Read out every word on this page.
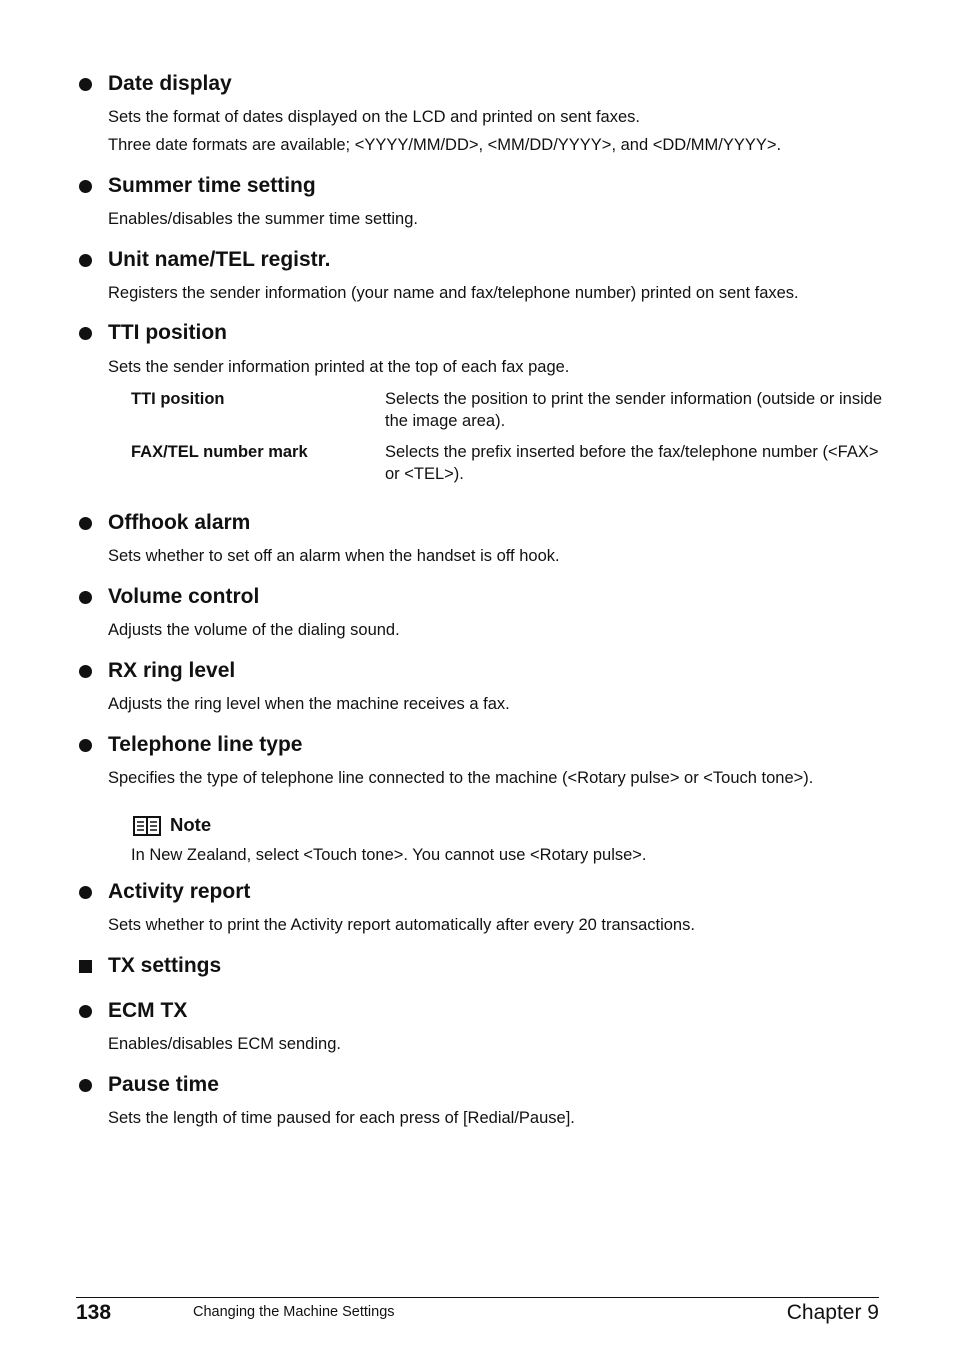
Date display
Sets the format of dates displayed on the LCD and printed on sent faxes.
Three date formats are available; <YYYY/MM/DD>, <MM/DD/YYYY>, and <DD/MM/YYYY>.
Summer time setting
Enables/disables the summer time setting.
Unit name/TEL registr.
Registers the sender information (your name and fax/telephone number) printed on sent faxes.
TTI position
Sets the sender information printed at the top of each fax page.
TTI position	Selects the position to print the sender information (outside or inside the image area).
FAX/TEL number mark	Selects the prefix inserted before the fax/telephone number (<FAX> or <TEL>).
Offhook alarm
Sets whether to set off an alarm when the handset is off hook.
Volume control
Adjusts the volume of the dialing sound.
RX ring level
Adjusts the ring level when the machine receives a fax.
Telephone line type
Specifies the type of telephone line connected to the machine (<Rotary pulse> or <Touch tone>).
Note
In New Zealand, select <Touch tone>. You cannot use <Rotary pulse>.
Activity report
Sets whether to print the Activity report automatically after every 20 transactions.
TX settings
ECM TX
Enables/disables ECM sending.
Pause time
Sets the length of time paused for each press of [Redial/Pause].
138	Changing the Machine Settings	Chapter 9
